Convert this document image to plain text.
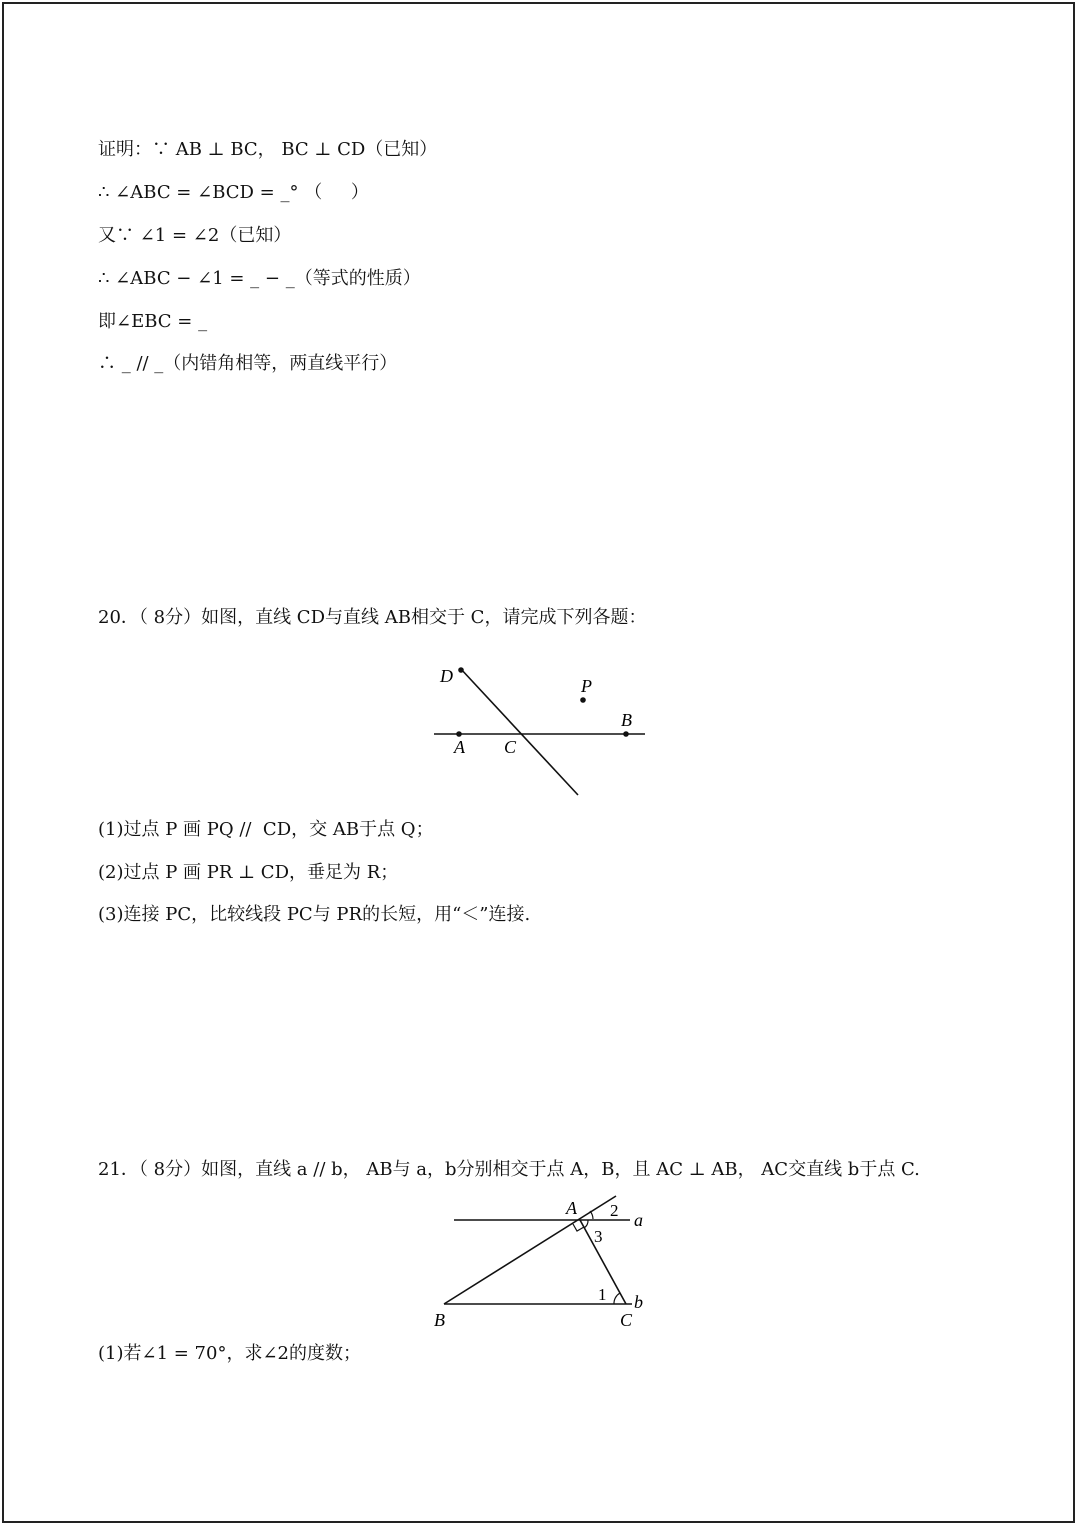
证明：∵ AB ⊥ BC， BC ⊥ CD（已知）
∴ ∠ABC = ∠BCD = _° （     ）
又∵ ∠1 = ∠2（已知）
∴ ∠ABC − ∠1 = _ − _（等式的性质）
即∠EBC = _
∴ _ // _（内错角相等，两直线平行）
20．（ 8分）如图，直线 CD与直线 AB相交于 C，请完成下列各题：
D	P
A C
B
(1)过点 P 画 PQ //  CD，交 AB于点 Q；
(2)过点 P 画 PR ⊥ CD，垂足为 R；
(3)连接 PC，比较线段 PC与 PR的长短，用“＜”连接.
21．（ 8分）如图，直线 a // b， AB与 a，b分别相交于点 A，B，且 AC ⊥ AB， AC交直线 b于点 C.
A 2 a
3
1 b
B	C
(1)若∠1 = 70°，求∠2的度数；
